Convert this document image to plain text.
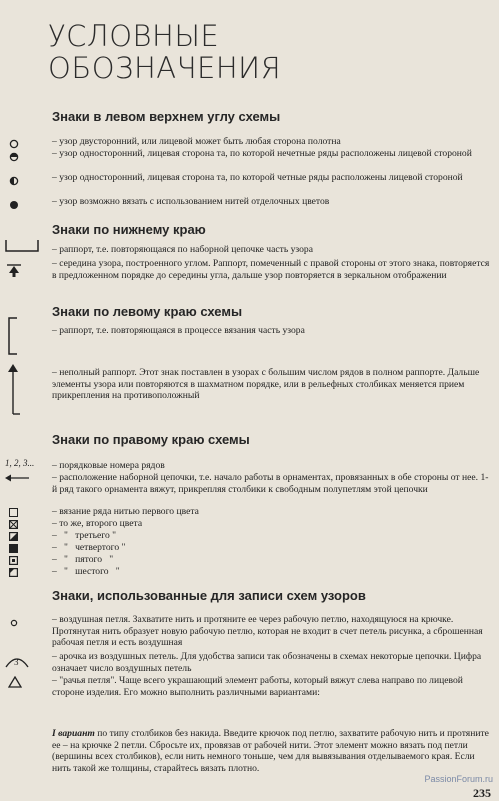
УСЛОВНЫЕ
ОБОЗНАЧЕНИЯ
Знаки в левом верхнем углу схемы

– узор двусторонний, или лицевой может быть любая сторона полотна

– узор односторонний, лицевая сторона та, по которой нечетные ряды расположены лицевой стороной

– узор односторонний, лицевая сторона та, по которой четные ряды расположены лицевой стороной

– узор возможно вязать с использованием нитей отделочных цветов

Знаки по нижнему краю

– раппорт, т.е. повторяющаяся по наборной цепочке часть узора

– середина узора, построенного углом. Раппорт, помеченный с правой стороны от этого знака, повторяется в предложенном порядке до середины угла, дальше узор повторяется в зеркальном отображении

Знаки по левому краю схемы

– раппорт, т.е. повторяющаяся в процессе вязания часть узора

– неполный раппорт. Этот знак поставлен в узорах с большим числом рядов в полном раппорте. Дальше элементы узора или повторяются в шахматном порядке, или в рельефных столбиках меняется прием прикрепления на противоположный

Знаки по правому краю схемы
1, 2, 3... – порядковые номера рядов

– расположение наборной цепочки, т.е. начало работы в орнаментах, провязанных в обе стороны от нее. 1-й ряд такого орнамента вяжут, прикрепляя столбики к свободным полупетлям этой цепочки

– вязание ряда нитью первого цвета

– то же, второго цвета

–   "   третьего "
–   "   четвертого "
–   "   пятого   "
–   "   шестого   "
Знаки, использованные для записи схем узоров

– воздушная петля. Захватите нить и протяните ее через рабочую петлю, находящуюся на крючке. Протянутая нить образует новую рабочую петлю, которая не входит в счет петель рисунка, а сброшенная рабочая петля и есть воздушная

3	– арочка из воздушных петель. Для удобства записи так обозначены в схемах некоторые цепочки. Цифра означает число воздушных петель

– "рачья петля". Чаще всего украшающий элемент работы, который вяжут слева направо по лицевой стороне изделия. Его можно выполнить различными вариантами:

I вариант по типу столбиков без накида. Введите крючок под петлю, захватите рабочую нить и протяните ее – на крючке 2 петли. Сбросьте их, провязав от рабочей нити. Этот элемент можно вязать под петли (вершины всех столбиков), если нить немного тоньше, чем для вывязывания отделываемого края. Если нить такой же толщины, старайтесь вязать плотно.

PassionForum.ru
235
